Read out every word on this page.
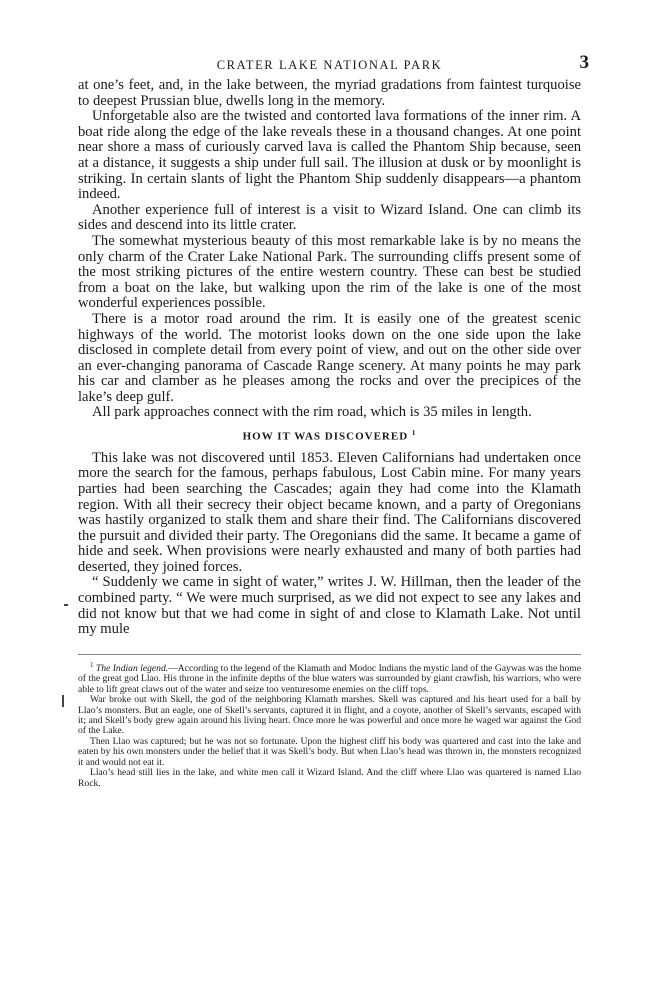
CRATER LAKE NATIONAL PARK	3

at one’s feet, and, in the lake between, the myriad gradations from faintest turquoise to deepest Prussian blue, dwells long in the memory.

Unforgetable also are the twisted and contorted lava formations of the inner rim. A boat ride along the edge of the lake reveals these in a thousand changes. At one point near shore a mass of curiously carved lava is called the Phantom Ship because, seen at a distance, it suggests a ship under full sail. The illusion at dusk or by moonlight is striking. In certain slants of light the Phantom Ship suddenly disappears—a phantom indeed.

Another experience full of interest is a visit to Wizard Island. One can climb its sides and descend into its little crater.

The somewhat mysterious beauty of this most remarkable lake is by no means the only charm of the Crater Lake National Park. The surrounding cliffs present some of the most striking pictures of the entire western country. These can best be studied from a boat on the lake, but walking upon the rim of the lake is one of the most wonderful experiences possible.

There is a motor road around the rim. It is easily one of the greatest scenic highways of the world. The motorist looks down on the one side upon the lake disclosed in complete detail from every point of view, and out on the other side over an ever-changing panorama of Cascade Range scenery. At many points he may park his car and clamber as he pleases among the rocks and over the precipices of the lake’s deep gulf.

All park approaches connect with the rim road, which is 35 miles in length.

HOW IT WAS DISCOVERED $^1$

This lake was not discovered until 1853. Eleven Californians had undertaken once more the search for the famous, perhaps fabulous, Lost Cabin mine. For many years parties had been searching the Cascades; again they had come into the Klamath region. With all their secrecy their object became known, and a party of Oregonians was hastily organized to stalk them and share their find. The Californians discovered the pursuit and divided their party. The Oregonians did the same. It became a game of hide and seek. When provisions were nearly exhausted and many of both parties had deserted, they joined forces.

“ Suddenly we came in sight of water,” writes J. W. Hillman, then the leader of the combined party. “ We were much surprised, as we did not expect to see any lakes and did not know but that we had come in sight of and close to Klamath Lake. Not until my mule

$^1$ The Indian legend.—According to the legend of the Klamath and Modoc Indians the mystic land of the Gaywas was the home of the great god Llao. His throne in the infinite depths of the blue waters was surrounded by giant crawfish, his warriors, who were able to lift great claws out of the water and seize too venturesome enemies on the cliff tops.

War broke out with Skell, the god of the neighboring Klamath marshes. Skell was captured and his heart used for a ball by Llao’s monsters. But an eagle, one of Skell’s servants, captured it in flight, and a coyote, another of Skell’s servants, escaped with it; and Skell’s body grew again around his living heart. Once more he was powerful and once more he waged war against the God of the Lake.

Then Llao was captured; but he was not so fortunate. Upon the highest cliff his body was quartered and cast into the lake and eaten by his own monsters under the belief that it was Skell’s body. But when Llao’s head was thrown in, the monsters recognized it and would not eat it.

Llao’s head still lies in the lake, and white men call it Wizard Island. And the cliff where Llao was quartered is named Llao Rock.
